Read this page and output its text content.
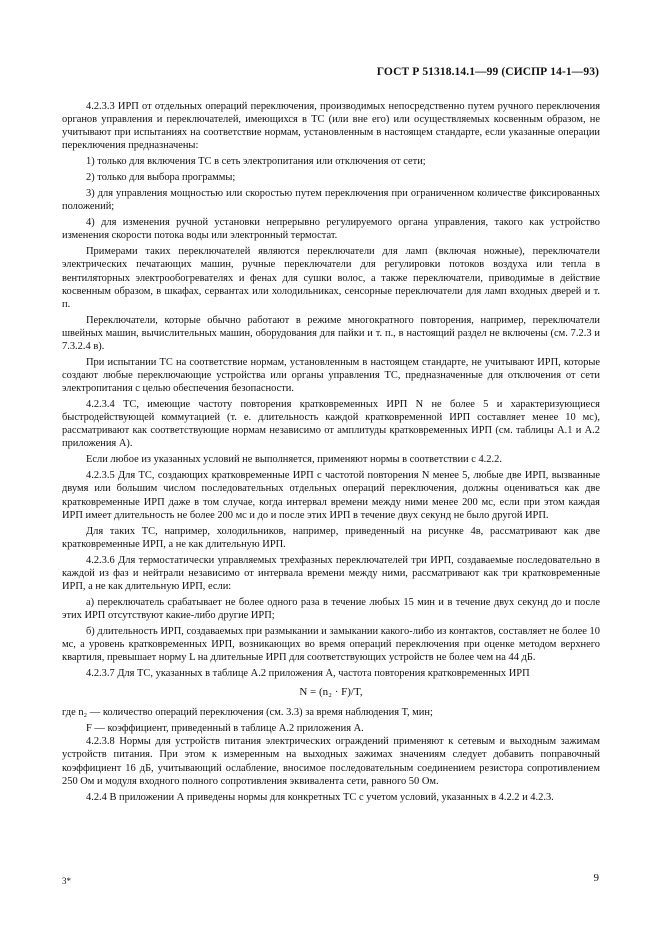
ГОСТ Р 51318.14.1—99 (СИСПР 14-1—93)

4.2.3.3 ИРП от отдельных операций переключения, производимых непосредственно путем ручного переключения органов управления и переключателей, имеющихся в ТС (или вне его) или осуществляемых косвенным образом, не учитывают при испытаниях на соответствие нормам, установленным в настоящем стандарте, если указанные операции переключения предназначены:

1) только для включения ТС в сеть электропитания или отключения от сети;

2) только для выбора программы;

3) для управления мощностью или скоростью путем переключения при ограниченном количестве фиксированных положений;

4) для изменения ручной установки непрерывно регулируемого органа управления, такого как устройство изменения скорости потока воды или электронный термостат.

Примерами таких переключателей являются переключатели для ламп (включая ножные), переключатели электрических печатающих машин, ручные переключатели для регулировки потоков воздуха или тепла в вентиляторных электрообогревателях и фенах для сушки волос, а также переключатели, приводимые в действие косвенным образом, в шкафах, сервантах или холодильниках, сенсорные переключатели для ламп входных дверей и т. п.

Переключатели, которые обычно работают в режиме многократного повторения, например, переключатели швейных машин, вычислительных машин, оборудования для пайки и т. п., в настоящий раздел не включены (см. 7.2.3 и 7.3.2.4 в).

При испытании ТС на соответствие нормам, установленным в настоящем стандарте, не учитывают ИРП, которые создают любые переключающие устройства или органы управления ТС, предназначенные для отключения от сети электропитания с целью обеспечения безопасности.

4.2.3.4 ТС, имеющие частоту повторения кратковременных ИРП N не более 5 и характеризующиеся быстродействующей коммутацией (т. е. длительность каждой кратковременной ИРП составляет менее 10 мс), рассматривают как соответствующие нормам независимо от амплитуды кратковременных ИРП (см. таблицы А.1 и А.2 приложения А).

Если любое из указанных условий не выполняется, применяют нормы в соответствии с 4.2.2.

4.2.3.5 Для ТС, создающих кратковременные ИРП с частотой повторения N менее 5, любые две ИРП, вызванные двумя или большим числом последовательных отдельных операций переключения, должны оцениваться как две кратковременные ИРП даже в том случае, когда интервал времени между ними менее 200 мс, если при этом каждая ИРП имеет длительность не более 200 мс и до и после этих ИРП в течение двух секунд не было другой ИРП.

Для таких ТС, например, холодильников, например, приведенный на рисунке 4в, рассматривают как две кратковременные ИРП, а не как длительную ИРП.

4.2.3.6 Для термостатически управляемых трехфазных переключателей три ИРП, создаваемые последовательно в каждой из фаз и нейтрали независимо от интервала времени между ними, рассматривают как три кратковременные ИРП, а не как длительную ИРП, если:

а) переключатель срабатывает не более одного раза в течение любых 15 мин и в течение двух секунд до и после этих ИРП отсутствуют какие-либо другие ИРП;

б) длительность ИРП, создаваемых при размыкании и замыкании какого-либо из контактов, составляет не более 10 мс, а уровень кратковременных ИРП, возникающих во время операций переключения при оценке методом верхнего квартиля, превышает норму L на длительные ИРП для соответствующих устройств не более чем на 44 дБ.

4.2.3.7 Для ТС, указанных в таблице А.2 приложения А, частота повторения кратковременных ИРП

N = (n₂ · F)/T,

где n₂ — количество операций переключения (см. 3.3) за время наблюдения Т, мин;

F — коэффициент, приведенный в таблице А.2 приложения А.

4.2.3.8 Нормы для устройств питания электрических ограждений применяют к сетевым и выходным зажимам устройств питания. При этом к измеренным на выходных зажимах значениям следует добавить поправочный коэффициент 16 дБ, учитывающий ослабление, вносимое последовательным соединением резистора сопротивлением 250 Ом и модуля входного полного сопротивления эквивалента сети, равного 50 Ом.

4.2.4 В приложении А приведены нормы для конкретных ТС с учетом условий, указанных в 4.2.2 и 4.2.3.

3*	9
